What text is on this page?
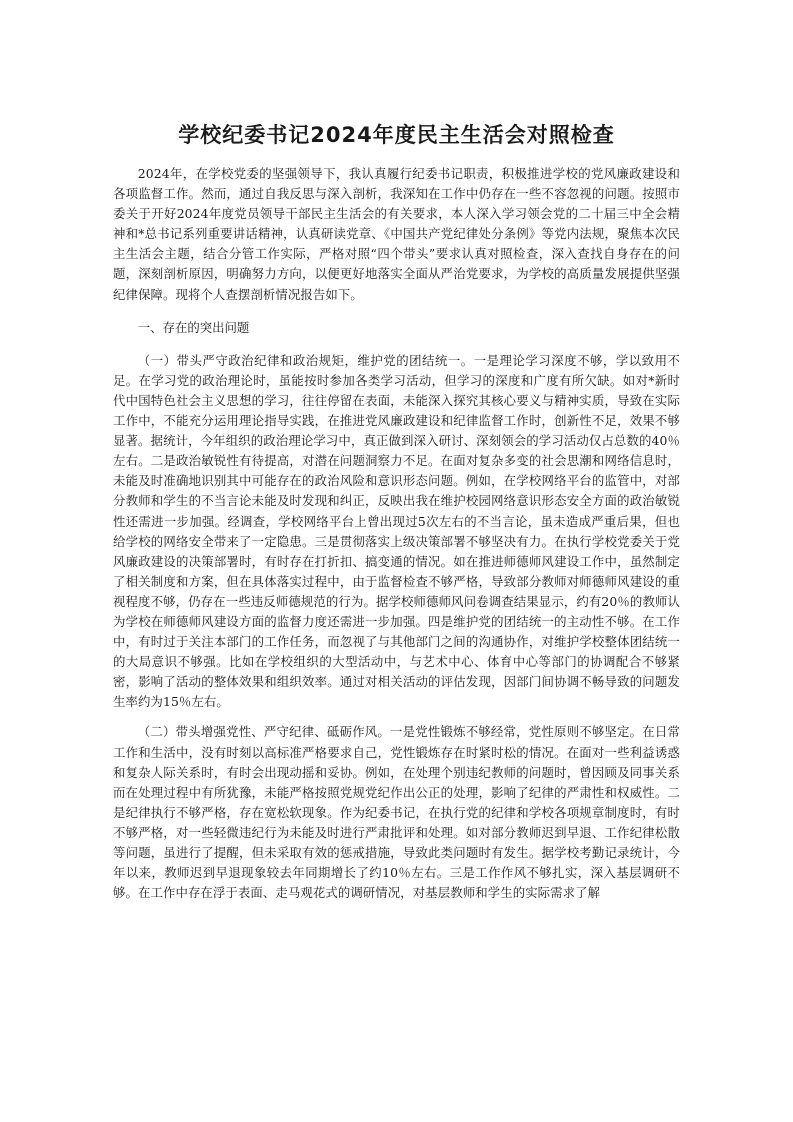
学校纪委书记2024年度民主生活会对照检查

2024年，在学校党委的坚强领导下，我认真履行纪委书记职责，积极推进学校的党风廉政建设和各项监督工作。然而，通过自我反思与深入剖析，我深知在工作中仍存在一些不容忽视的问题。按照市委关于开好2024年度党员领导干部民主生活会的有关要求，本人深入学习领会党的二十届三中全会精神和*总书记系列重要讲话精神，认真研读党章、《中国共产党纪律处分条例》等党内法规，聚焦本次民主生活会主题，结合分管工作实际，严格对照“四个带头”要求认真对照检查，深入查找自身存在的问题，深刻剖析原因，明确努力方向，以便更好地落实全面从严治党要求，为学校的高质量发展提供坚强纪律保障。现将个人查摆剖析情况报告如下。

一、存在的突出问题

（一）带头严守政治纪律和政治规矩，维护党的团结统一。一是理论学习深度不够，学以致用不足。在学习党的政治理论时，虽能按时参加各类学习活动，但学习的深度和广度有所欠缺。如对*新时代中国特色社会主义思想的学习，往往停留在表面，未能深入探究其核心要义与精神实质，导致在实际工作中，不能充分运用理论指导实践，在推进党风廉政建设和纪律监督工作时，创新性不足，效果不够显著。据统计，今年组织的政治理论学习中，真正做到深入研讨、深刻领会的学习活动仅占总数的40％左右。二是政治敏锐性有待提高，对潜在问题洞察力不足。在面对复杂多变的社会思潮和网络信息时，未能及时准确地识别其中可能存在的政治风险和意识形态问题。例如，在学校网络平台的监管中，对部分教师和学生的不当言论未能及时发现和纠正，反映出我在维护校园网络意识形态安全方面的政治敏锐性还需进一步加强。经调查，学校网络平台上曾出现过5次左右的不当言论，虽未造成严重后果，但也给学校的网络安全带来了一定隐患。三是贯彻落实上级决策部署不够坚决有力。在执行学校党委关于党风廉政建设的决策部署时，有时存在打折扣、搞变通的情况。如在推进师德师风建设工作中，虽然制定了相关制度和方案，但在具体落实过程中，由于监督检查不够严格，导致部分教师对师德师风建设的重视程度不够，仍存在一些违反师德规范的行为。据学校师德师风问卷调查结果显示，约有20％的教师认为学校在师德师风建设方面的监督力度还需进一步加强。四是维护党的团结统一的主动性不够。在工作中，有时过于关注本部门的工作任务，而忽视了与其他部门之间的沟通协作，对维护学校整体团结统一的大局意识不够强。比如在学校组织的大型活动中，与艺术中心、体育中心等部门的协调配合不够紧密，影响了活动的整体效果和组织效率。通过对相关活动的评估发现，因部门间协调不畅导致的问题发生率约为15％左右。

（二）带头增强党性、严守纪律、砥砺作风。一是党性锻炼不够经常，党性原则不够坚定。在日常工作和生活中，没有时刻以高标准严格要求自己，党性锻炼存在时紧时松的情况。在面对一些利益诱惑和复杂人际关系时，有时会出现动摇和妥协。例如，在处理个别违纪教师的问题时，曾因顾及同事关系而在处理过程中有所犹豫，未能严格按照党规党纪作出公正的处理，影响了纪律的严肃性和权威性。二是纪律执行不够严格，存在宽松软现象。作为纪委书记，在执行党的纪律和学校各项规章制度时，有时不够严格，对一些轻微违纪行为未能及时进行严肃批评和处理。如对部分教师迟到早退、工作纪律松散等问题，虽进行了提醒，但未采取有效的惩戒措施，导致此类问题时有发生。据学校考勤记录统计，今年以来，教师迟到早退现象较去年同期增长了约10％左右。三是工作作风不够扎实，深入基层调研不够。在工作中存在浮于表面、走马观花式的调研情况，对基层教师和学生的实际需求了解
